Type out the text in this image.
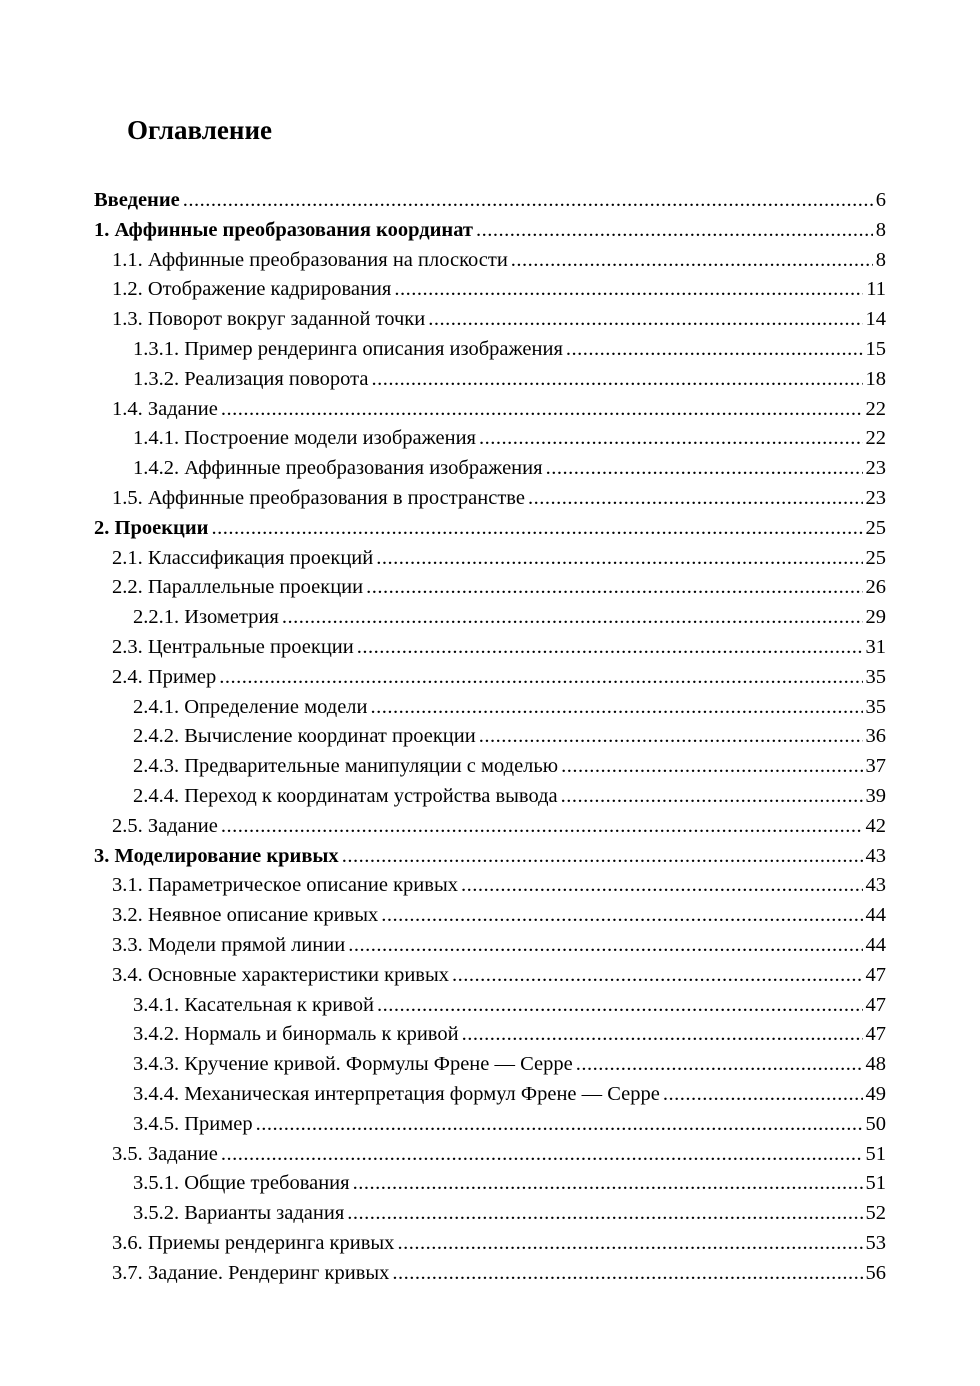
Оглавление
Введение .....	6
1. Аффинные преобразования координат .....	8
1.1. Аффинные преобразования на плоскости .....	8
1.2. Отображение кадрирования .....	11
1.3. Поворот вокруг заданной точки .....	14
1.3.1. Пример рендеринга описания изображения .....	15
1.3.2. Реализация поворота .....	18
1.4. Задание .....	22
1.4.1. Построение модели изображения .....	22
1.4.2. Аффинные преобразования изображения .....	23
1.5. Аффинные преобразования в пространстве .....	23
2. Проекции .....	25
2.1. Классификация проекций .....	25
2.2. Параллельные проекции .....	26
2.2.1. Изометрия .....	29
2.3. Центральные проекции .....	31
2.4. Пример .....	35
2.4.1. Определение модели .....	35
2.4.2. Вычисление координат проекции .....	36
2.4.3. Предварительные манипуляции с моделью .....	37
2.4.4. Переход к координатам устройства вывода .....	39
2.5. Задание .....	42
3. Моделирование кривых .....	43
3.1. Параметрическое описание кривых .....	43
3.2. Неявное описание кривых .....	44
3.3. Модели прямой линии .....	44
3.4. Основные характеристики кривых .....	47
3.4.1. Касательная к кривой .....	47
3.4.2. Нормаль и бинормаль к кривой .....	47
3.4.3. Кручение кривой. Формулы Френе — Серре .....	48
3.4.4. Механическая интерпретация формул Френе — Серре .....	49
3.4.5. Пример .....	50
3.5. Задание .....	51
3.5.1. Общие требования .....	51
3.5.2. Варианты задания .....	52
3.6. Приемы рендеринга кривых .....	53
3.7. Задание. Рендеринг кривых .....	56
